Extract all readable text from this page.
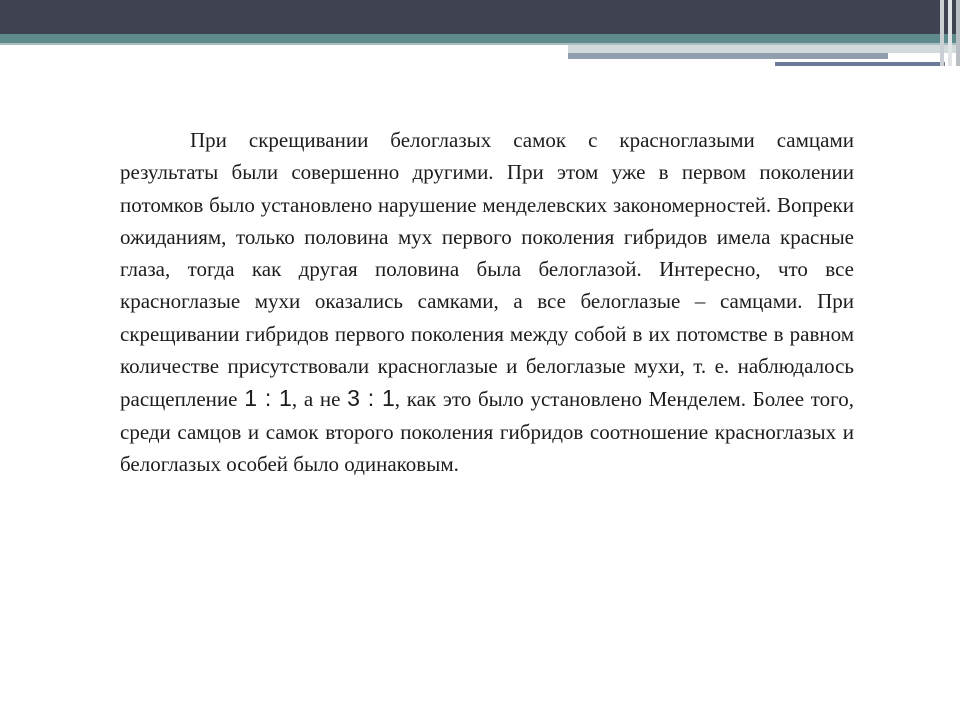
При скрещивании белоглазых самок с красноглазыми самцами результаты были совершенно другими. При этом уже в первом поколении потомков было установлено нарушение менделевских закономерностей. Вопреки ожиданиям, только половина мух первого поколения гибридов имела красные глаза, тогда как другая половина была белоглазой. Интересно, что все красноглазые мухи оказались самками, а все белоглазые – самцами. При скрещивании гибридов первого поколения между собой в их потомстве в равном количестве присутствовали красноглазые и белоглазые мухи, т. е. наблюдалось расщепление 1 : 1, а не 3 : 1, как это было установлено Менделем. Более того, среди самцов и самок второго поколения гибридов соотношение красноглазых и белоглазых особей было одинаковым.
